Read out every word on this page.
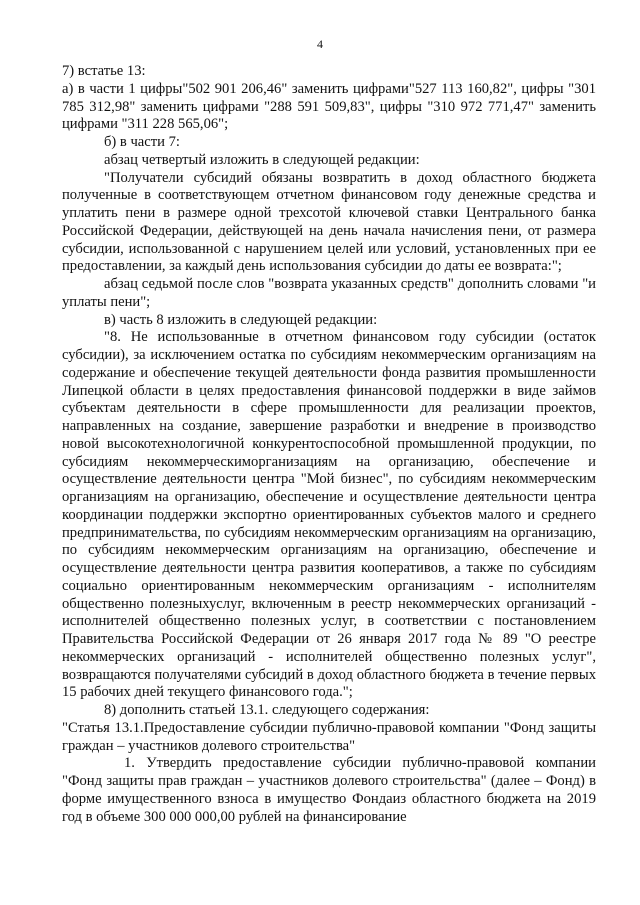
4

7) встатье 13:

а) в части 1 цифры"502 901 206,46" заменить цифрами"527 113 160,82", цифры "301 785 312,98" заменить цифрами "288 591 509,83", цифры "310 972 771,47" заменить цифрами "311 228 565,06";

б) в части 7:

абзац четвертый изложить в следующей редакции:

"Получатели субсидий обязаны возвратить в доход областного бюджета полученные в соответствующем отчетном финансовом году денежные средства и уплатить пени в размере одной трехсотой ключевой ставки Центрального банка Российской Федерации, действующей на день начала начисления пени, от размера субсидии, использованной с нарушением целей или условий, установленных при ее предоставлении, за каждый день использования субсидии до даты ее возврата:";

абзац седьмой после слов "возврата указанных средств" дополнить словами "и уплаты пени";

в) часть 8 изложить в следующей редакции:

"8. Не использованные в отчетном финансовом году субсидии (остаток субсидии), за исключением остатка по субсидиям некоммерческим организациям на содержание и обеспечение текущей деятельности фонда развития промышленности Липецкой области в целях предоставления финансовой поддержки в виде займов субъектам деятельности в сфере промышленности для реализации проектов, направленных на создание, завершение разработки и внедрение в производство новой высокотехнологичной конкурентоспособной промышленной продукции, по субсидиям некоммерческиморганизациям на организацию, обеспечение и осуществление деятельности центра "Мой бизнес", по субсидиям некоммерческим организациям на организацию, обеспечение и осуществление деятельности центра координации поддержки экспортно ориентированных субъектов малого и среднего предпринимательства, по субсидиям некоммерческим организациям на организацию, по субсидиям некоммерческим организациям на организацию, обеспечение и осуществление деятельности центра развития кооперативов, а также по субсидиям социально ориентированным некоммерческим организациям - исполнителям общественно полезныхуслуг, включенным в реестр некоммерческих организаций - исполнителей общественно полезных услуг, в соответствии с постановлением Правительства Российской Федерации от 26 января 2017 года № 89 "О реестре некоммерческих организаций - исполнителей общественно полезных услуг", возвращаются получателями субсидий в доход областного бюджета в течение первых 15 рабочих дней текущего финансового года.";

8) дополнить статьей 13.1. следующего содержания:

"Статья 13.1.Предоставление субсидии публично-правовой компании "Фонд защиты граждан – участников долевого строительства"

1. Утвердить предоставление субсидии публично-правовой компании "Фонд защиты прав граждан – участников долевого строительства" (далее – Фонд) в форме имущественного взноса в имущество Фондаиз областного бюджета на 2019 год в объеме 300 000 000,00 рублей на финансирование
